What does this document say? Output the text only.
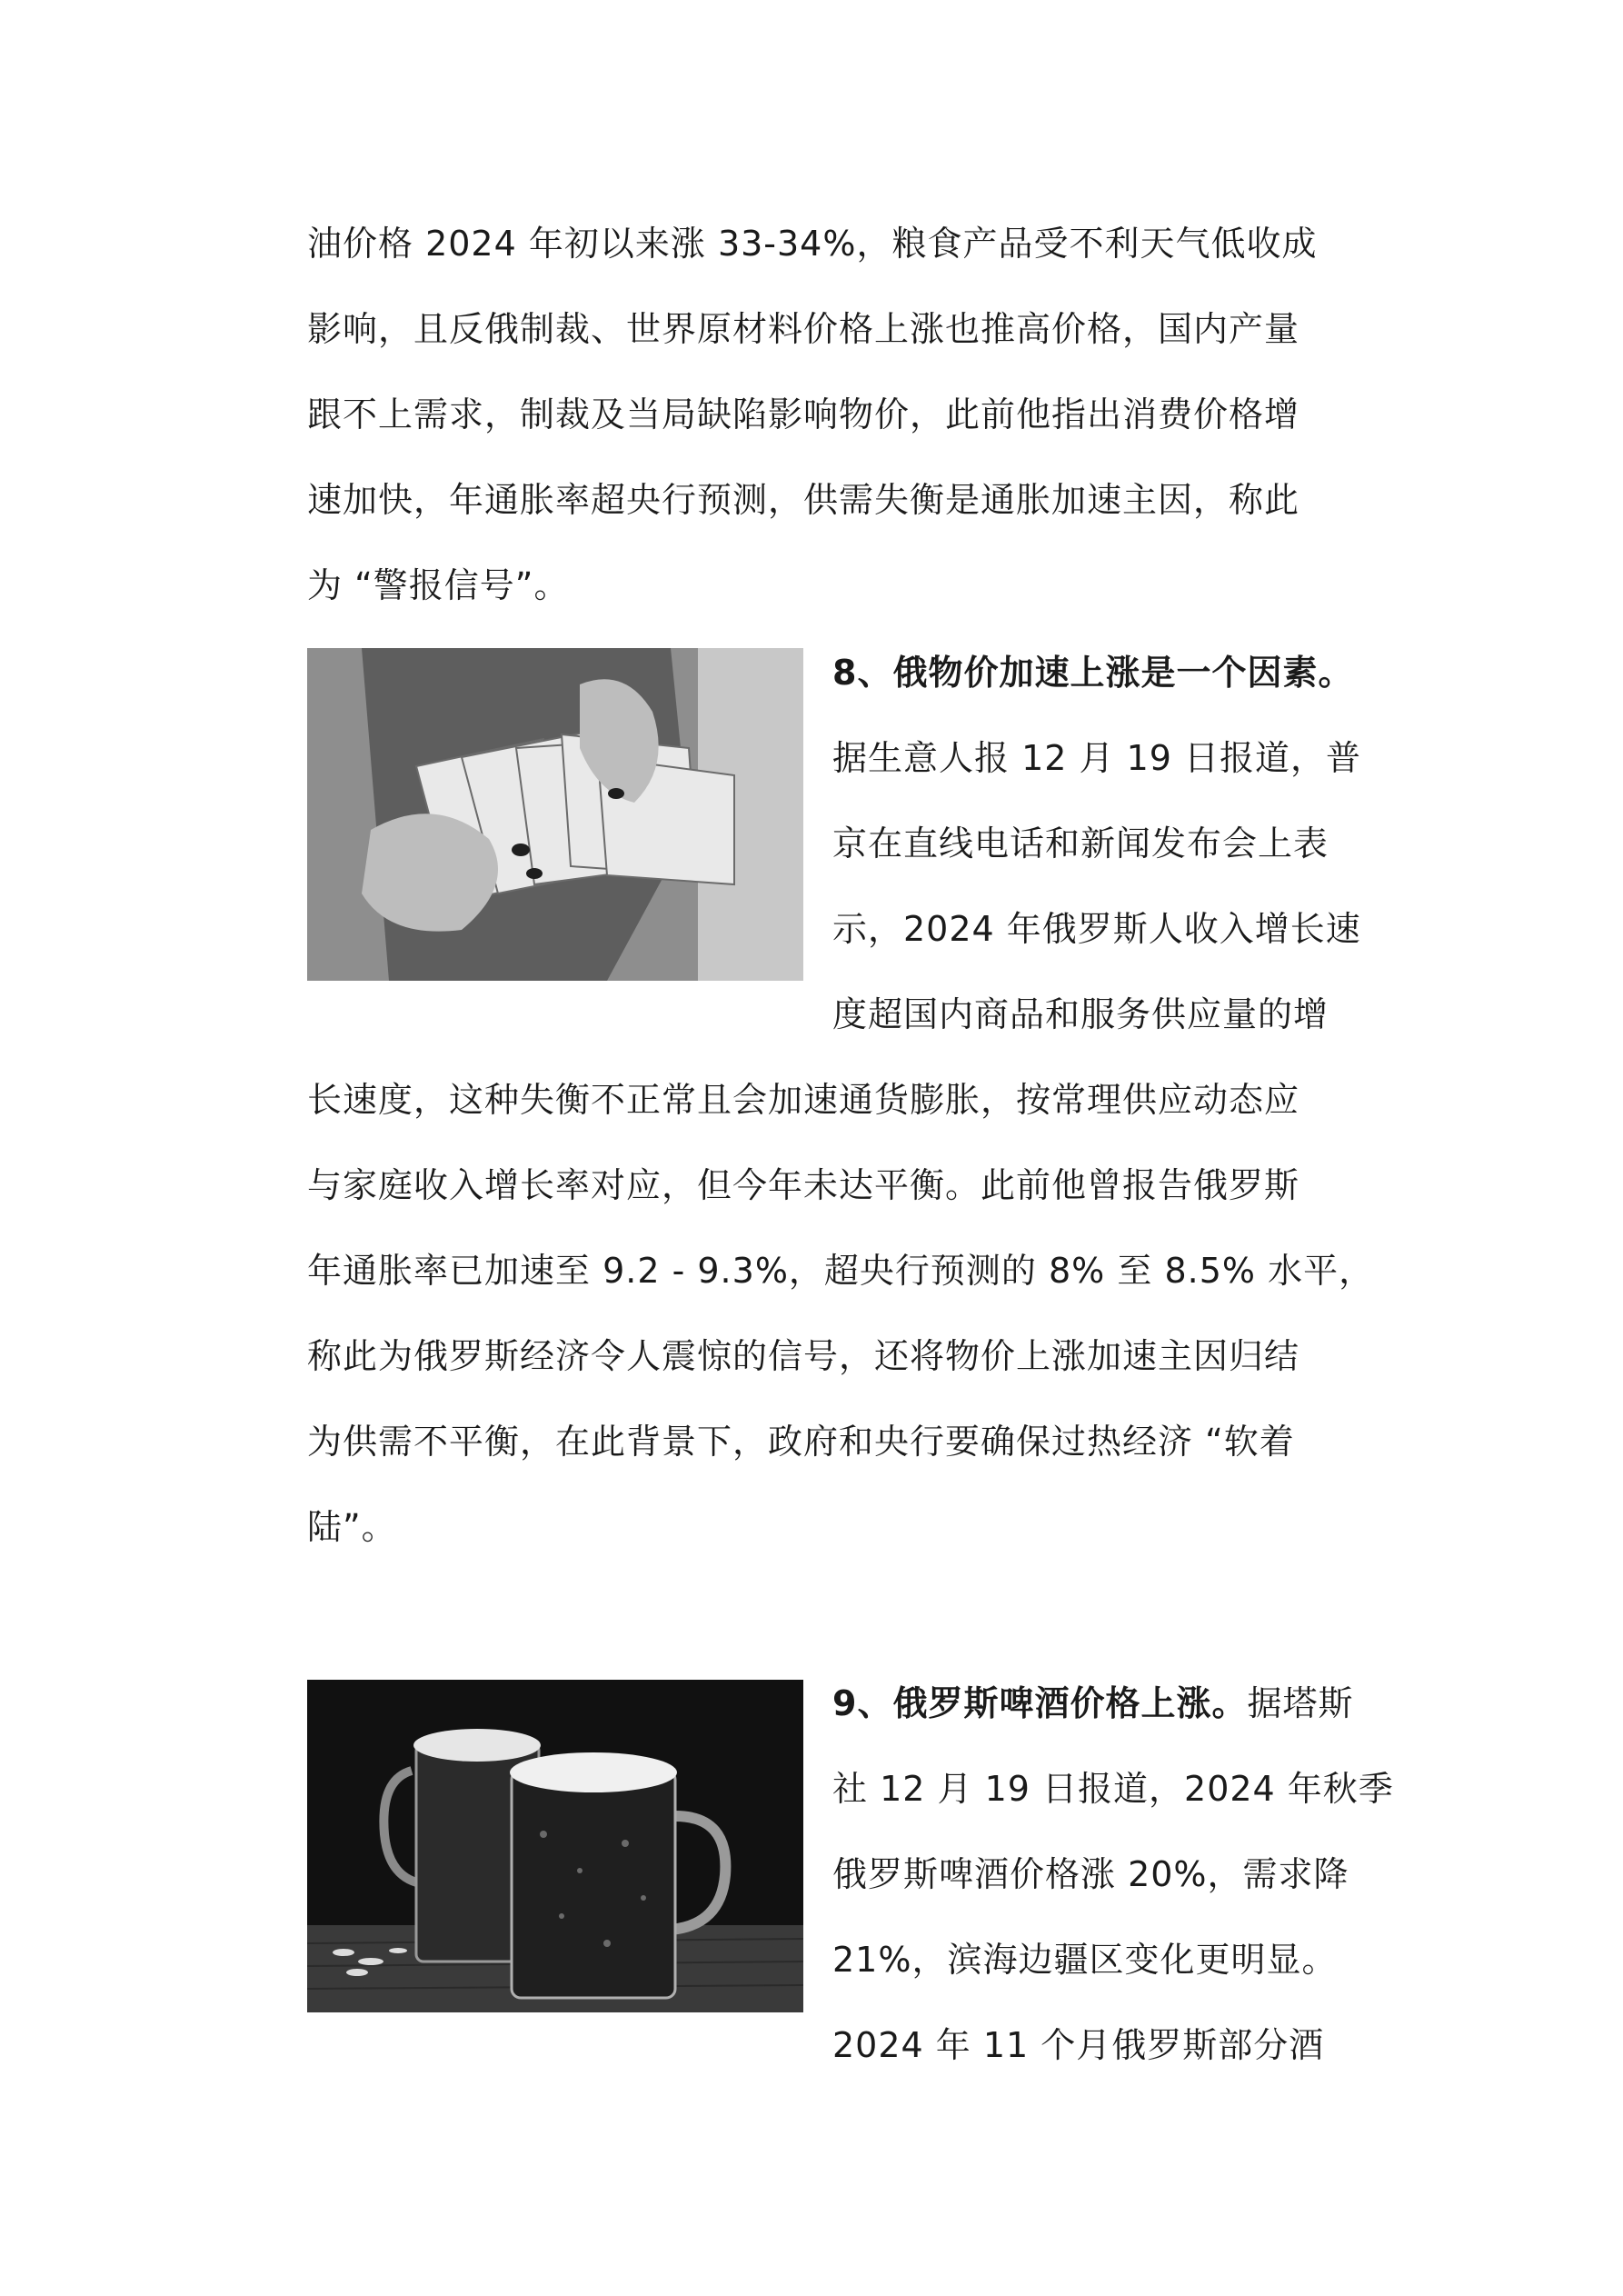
油价格 2024 年初以来涨 33-34%，粮食产品受不利天气低收成
影响，且反俄制裁、世界原材料价格上涨也推高价格，国内产量
跟不上需求，制裁及当局缺陷影响物价，此前他指出消费价格增
速加快，年通胀率超央行预测，供需失衡是通胀加速主因，称此
为 “警报信号”。
8、俄物价加速上涨是一个因素。
据生意人报 12 月 19 日报道，普
京在直线电话和新闻发布会上表
示，2024 年俄罗斯人收入增长速
度超国内商品和服务供应量的增
长速度，这种失衡不正常且会加速通货膨胀，按常理供应动态应
与家庭收入增长率对应，但今年未达平衡。此前他曾报告俄罗斯
年通胀率已加速至 9.2 - 9.3%，超央行预测的 8% 至 8.5% 水平，
称此为俄罗斯经济令人震惊的信号，还将物价上涨加速主因归结
为供需不平衡，在此背景下，政府和央行要确保过热经济 “软着
陆”。
9、俄罗斯啤酒价格上涨。据塔斯
社 12 月 19 日报道，2024 年秋季
俄罗斯啤酒价格涨 20%，需求降
21%，滨海边疆区变化更明显。
2024 年 11 个月俄罗斯部分酒
